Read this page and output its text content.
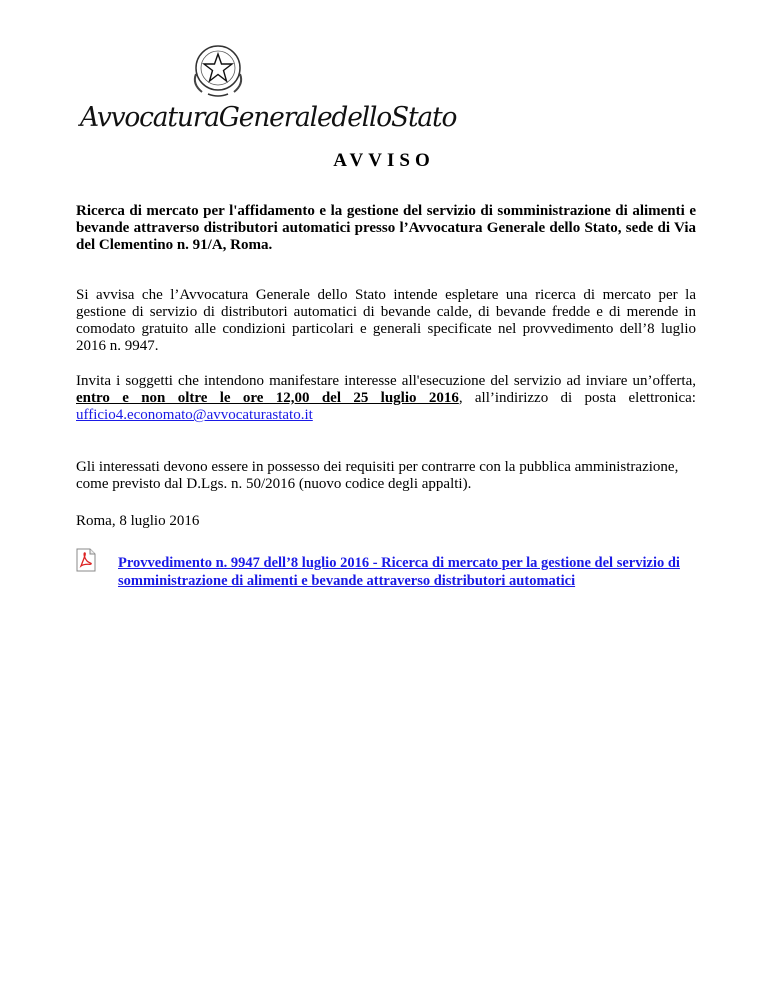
AvvocaturaGeneraledelloStato
AVVISO
Ricerca di mercato per l'affidamento e la gestione del servizio di somministrazione di alimenti e bevande attraverso distributori automatici presso l’Avvocatura Generale dello Stato, sede di Via del Clementino n. 91/A, Roma.

Si avvisa che l’Avvocatura Generale dello Stato intende espletare una ricerca di mercato per la gestione di servizio di distributori automatici di bevande calde, di bevande fredde e di merende in comodato gratuito alle condizioni particolari e generali specificate nel provvedimento dell’8 luglio 2016 n. 9947.

Invita i soggetti che intendono manifestare interesse all'esecuzione del servizio ad inviare un’offerta, entro e non oltre le ore 12,00 del 25 luglio 2016, all’indirizzo di posta elettronica: ufficio4.economato@avvocaturastato.it

Gli interessati devono essere in possesso dei requisiti per contrarre con la pubblica amministrazione, come previsto dal D.Lgs. n. 50/2016 (nuovo codice degli appalti).

Roma, 8 luglio 2016

Provvedimento n. 9947 dell’8 luglio 2016 - Ricerca di mercato per la gestione del servizio di somministrazione di alimenti e bevande attraverso distributori automatici
